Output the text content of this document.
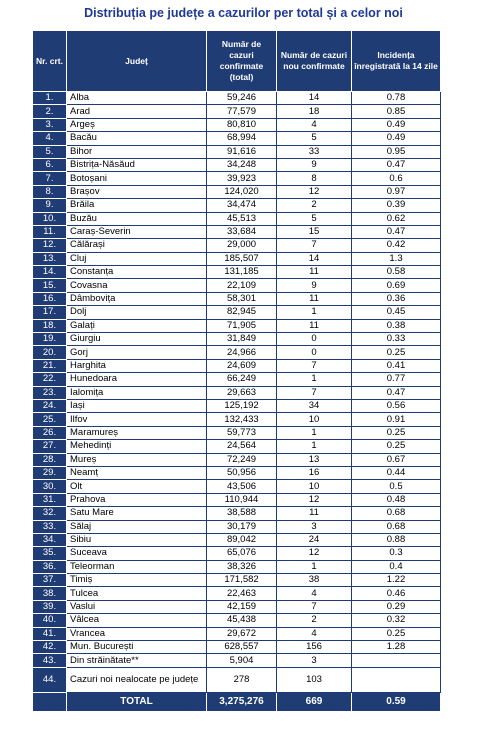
Distribuția pe județe a cazurilor per total și a celor noi
Nr. crt.	Județ	Număr de cazuri confirmate (total)	Număr de cazuri nou confirmate	Incidența înregistrată la 14 zile
1.	Alba	59,246	14	0.78
2.	Arad	77,579	18	0.85
3.	Argeș	80,810	4	0.49
4.	Bacău	68,994	5	0.49
5.	Bihor	91,616	33	0.95
6.	Bistrița-Năsăud	34,248	9	0.47
7.	Botoșani	39,923	8	0.6
8.	Brașov	124,020	12	0.97
9.	Brăila	34,474	2	0.39
10.	Buzău	45,513	5	0.62
11.	Caraș-Severin	33,684	15	0.47
12.	Călărași	29,000	7	0.42
13.	Cluj	185,507	14	1.3
14.	Constanța	131,185	11	0.58
15.	Covasna	22,109	9	0.69
16.	Dâmbovița	58,301	11	0.36
17.	Dolj	82,945	1	0.45
18.	Galați	71,905	11	0.38
19.	Giurgiu	31,849	0	0.33
20.	Gorj	24,966	0	0.25
21.	Harghita	24,609	7	0.41
22.	Hunedoara	66,249	1	0.77
23.	Ialomița	29,663	7	0.47
24.	Iași	125,192	34	0.56
25.	Ilfov	132,433	10	0.91
26.	Maramureș	59,773	1	0.25
27.	Mehedinți	24,564	1	0.25
28.	Mureș	72,249	13	0.67
29.	Neamț	50,956	16	0.44
30.	Olt	43,506	10	0.5
31.	Prahova	110,944	12	0.48
32.	Satu Mare	38,588	11	0.68
33.	Sălaj	30,179	3	0.68
34.	Sibiu	89,042	24	0.88
35.	Suceava	65,076	12	0.3
36.	Teleorman	38,326	1	0.4
37.	Timiș	171,582	38	1.22
38.	Tulcea	22,463	4	0.46
39.	Vaslui	42,159	7	0.29
40.	Vâlcea	45,438	2	0.32
41.	Vrancea	29,672	4	0.25
42.	Mun. București	628,557	156	1.28
43.	Din străinătate**	5,904	3	
44.	Cazuri noi nealocate pe județe	278	103	
	TOTAL	3,275,276	669	0.59
